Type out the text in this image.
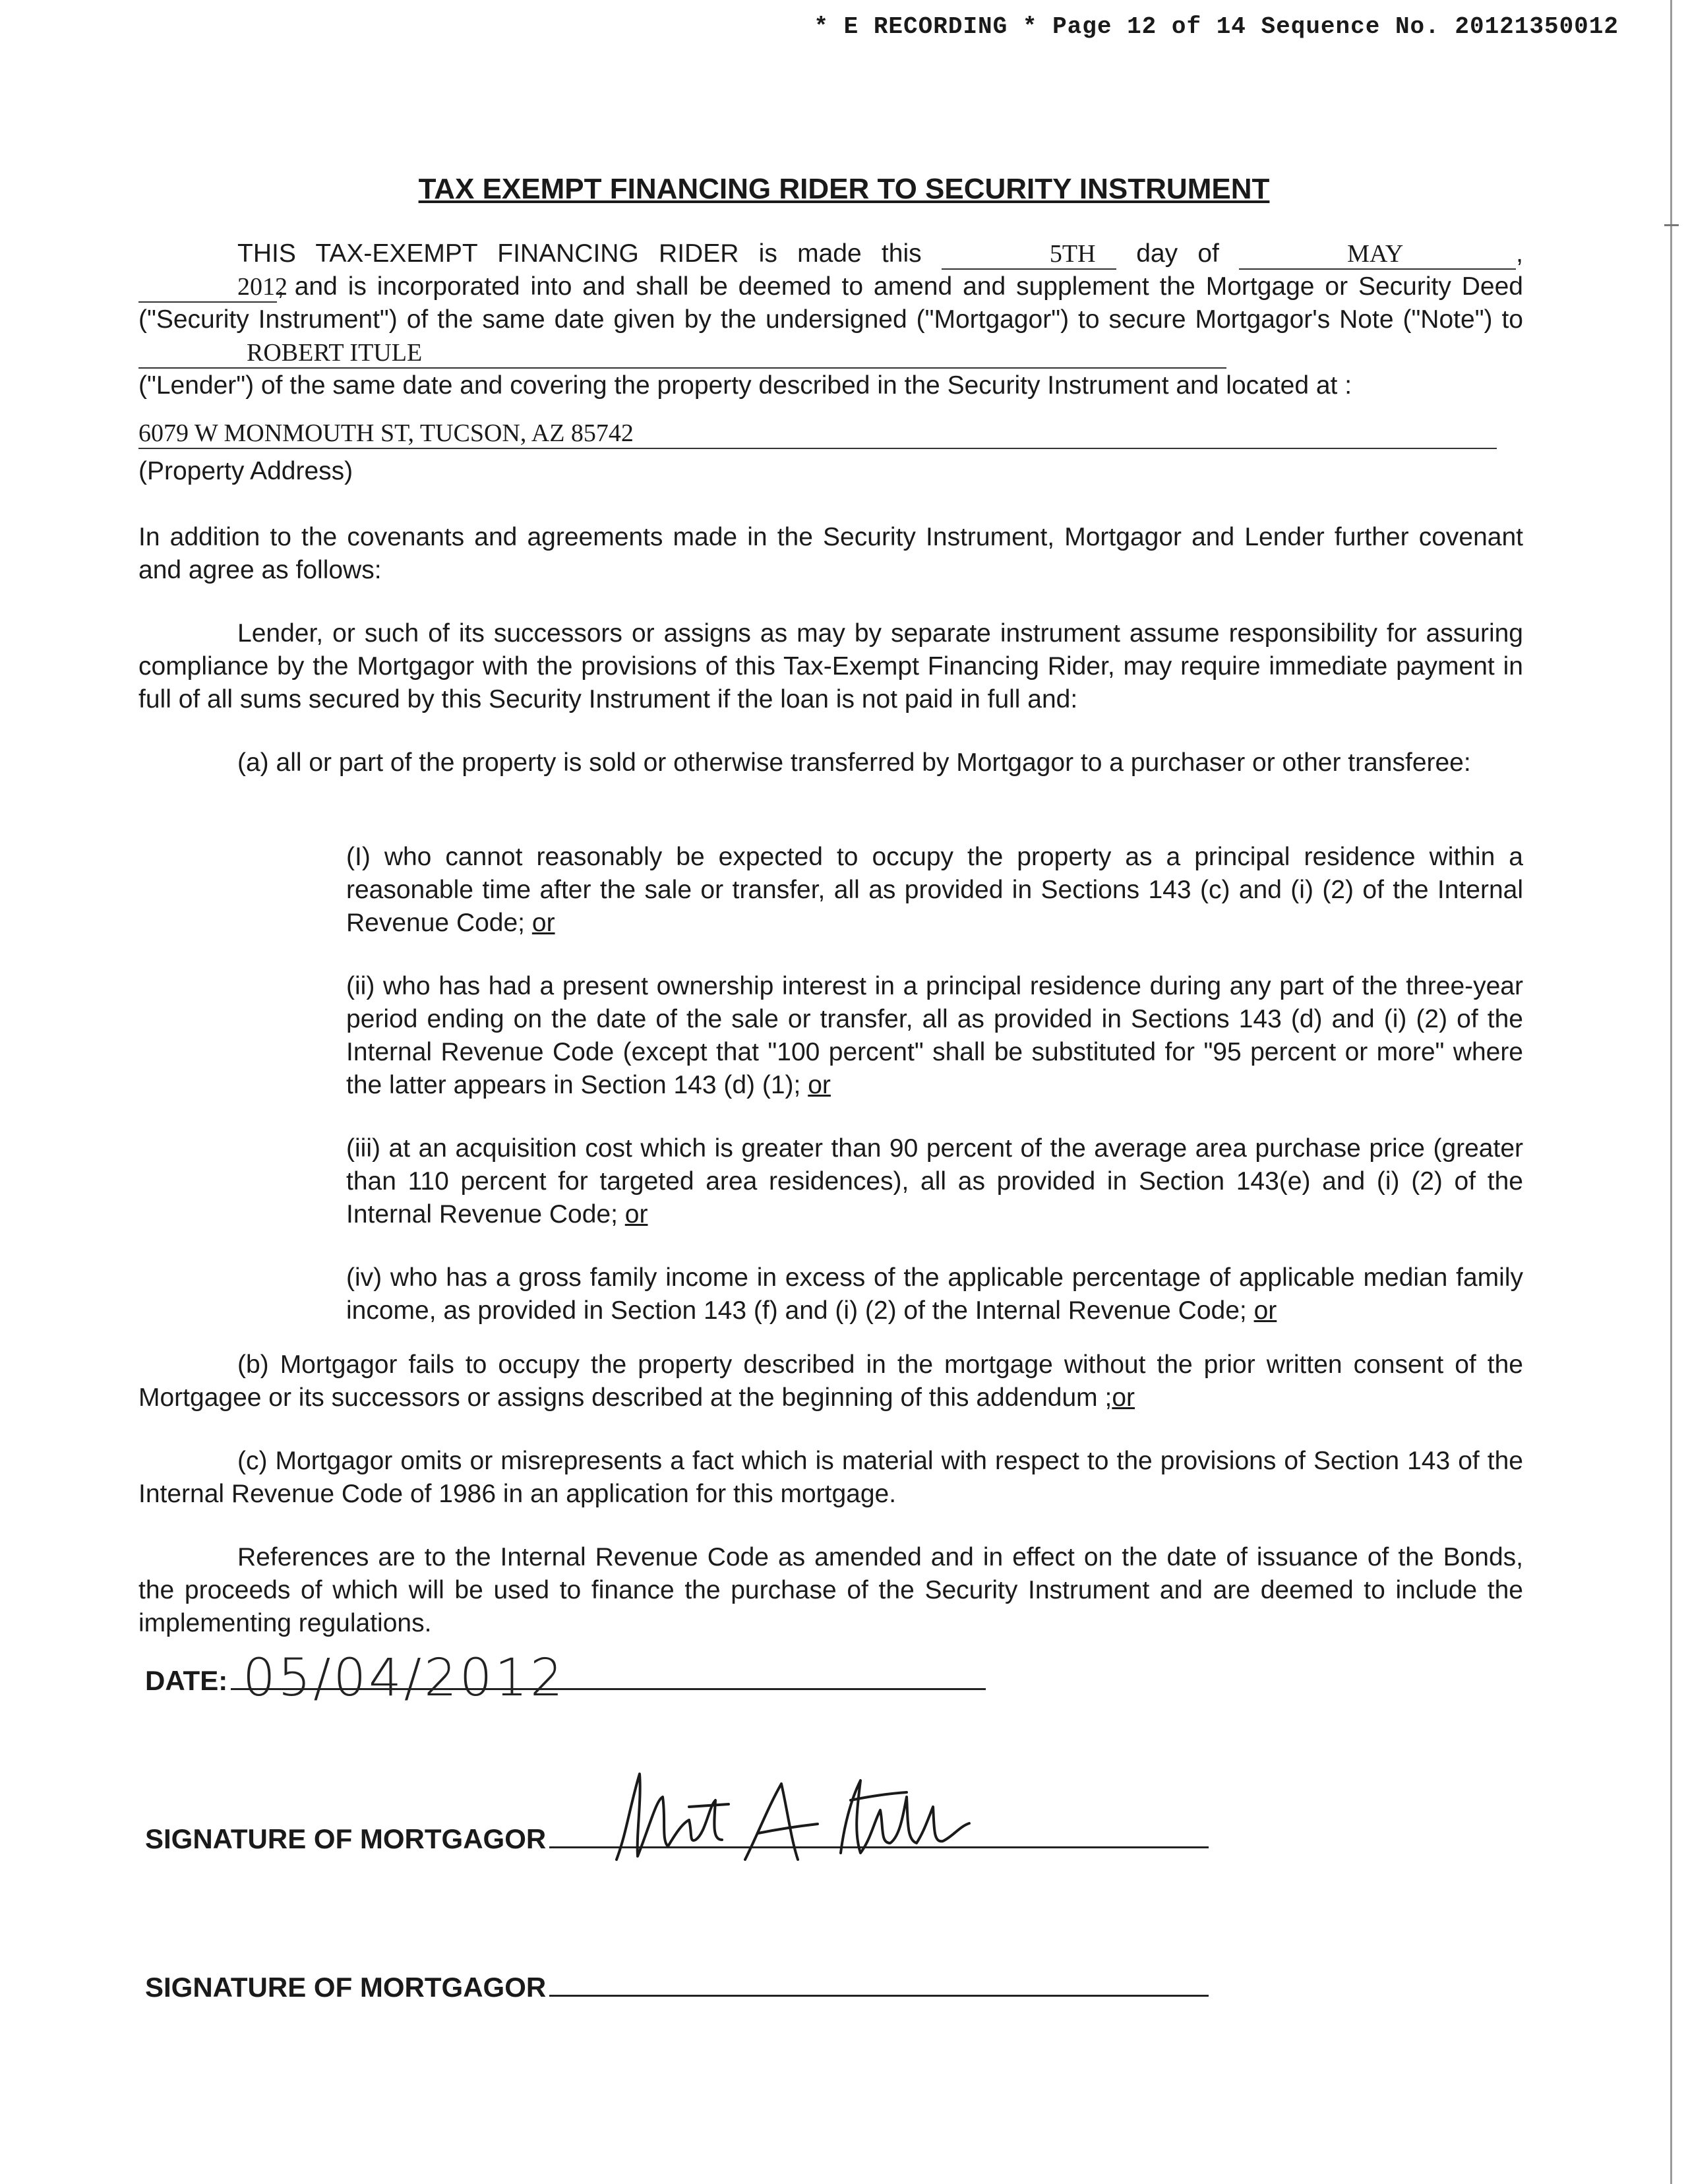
* E RECORDING * Page 12 of 14 Sequence No. 20121350012
TAX EXEMPT FINANCING RIDER TO SECURITY INSTRUMENT

THIS TAX-EXEMPT FINANCING RIDER is made this	5TH day of	MAY	, 2012, and is incorporated into and shall be deemed to amend and supplement the Mortgage or Security Deed ("Security Instrument") of the same date given by the undersigned ("Mortgagor") to secure Mortgagor's Note ("Note") to ROBERT ITULE

("Lender") of the same date and covering the property described in the Security Instrument and located at :

6079 W MONMOUTH ST, TUCSON, AZ 85742

(Property Address)

In addition to the covenants and agreements made in the Security Instrument, Mortgagor and Lender further covenant and agree as follows:

Lender, or such of its successors or assigns as may by separate instrument assume responsibility for assuring compliance by the Mortgagor with the provisions of this Tax-Exempt Financing Rider, may require immediate payment in full of all sums secured by this Security Instrument if the loan is not paid in full and:

(a) all or part of the property is sold or otherwise transferred by Mortgagor to a purchaser or other transferee:

(I) who cannot reasonably be expected to occupy the property as a principal residence within a reasonable time after the sale or transfer, all as provided in Sections 143 (c) and (i) (2) of the Internal Revenue Code; or

(ii) who has had a present ownership interest in a principal residence during any part of the three-year period ending on the date of the sale or transfer, all as provided in Sections 143 (d) and (i) (2) of the Internal Revenue Code (except that "100 percent" shall be substituted for "95 percent or more" where the latter appears in Section 143 (d) (1); or

(iii) at an acquisition cost which is greater than 90 percent of the average area purchase price (greater than 110 percent for targeted area residences), all as provided in Section 143(e) and (i) (2) of the Internal Revenue Code; or

(iv) who has a gross family income in excess of the applicable percentage of applicable median family income, as provided in Section 143 (f) and (i) (2) of the Internal Revenue Code; or

(b) Mortgagor fails to occupy the property described in the mortgage without the prior written consent of the Mortgagee or its successors or assigns described at the beginning of this addendum ;or

(c) Mortgagor omits or misrepresents a fact which is material with respect to the provisions of Section 143 of the Internal Revenue Code of 1986 in an application for this mortgage.

References are to the Internal Revenue Code as amended and in effect on the date of issuance of the Bonds, the proceeds of which will be used to finance the purchase of the Security Instrument and are deemed to include the implementing regulations.

DATE: 05/04/2012
SIGNATURE OF MORTGAGOR
SIGNATURE OF MORTGAGOR
